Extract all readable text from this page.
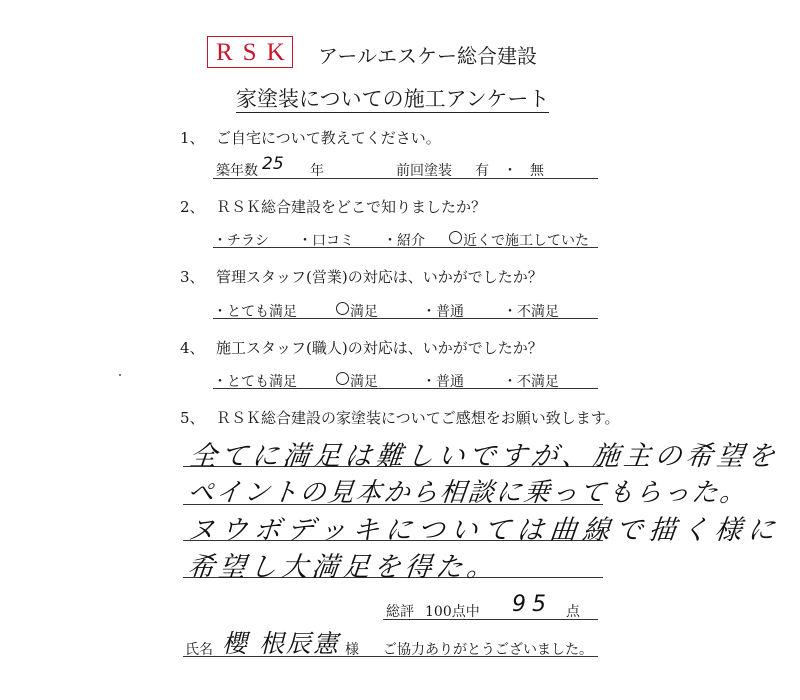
RSK アールエスケー総合建設
家塗装についての施工アンケート
1、 ご自宅について教えてください。
築年数 25 年	前回塗装 有 ・ 無
2、 ＲＳＫ総合建設をどこで知りましたか？
・チラシ ・口コミ ・紹介	近くで施工していた
3、 管理スタッフ(営業)の対応は、いかがでしたか？
・とても満足	満足	・普通	・不満足
4、 施工スタッフ(職人)の対応は、いかがでしたか？
・とても満足	満足	・普通	・不満足
5、 ＲＳＫ総合建設の家塗装についてご感想をお願い致します。
全てに満足は難しいですが、施主の希望を
ペイントの見本から相談に乗ってもらった。
ヌウボデッキについては曲線で描く様に
希望し大満足を得た。
総評 100点中 95 点
氏名 櫻 根辰憲 様 ご協力ありがとうございました。
